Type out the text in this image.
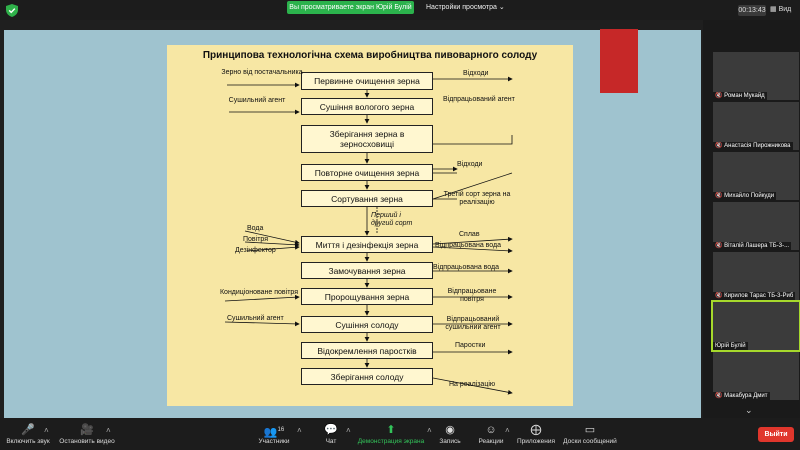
Вы просматриваете экран Юрій Булій	Настройки просмотра ⌄	00:13:43 ▦ Вид
Принципова технологічна схема виробництва пивоварного солоду
Первинне очищення зерна
Сушіння вологого зерна
Зберігання зерна в зерносховищі
Повторне очищення зерна
Сортування зерна
Миття і дезінфекція зерна
Замочування зерна
Пророщування зерна
Сушіння солоду
Відокремлення паростків
Зберігання солоду
Зерно від постачальника
Сушильний агент
Вода
Повітря
Дезінфектор
Кондиціоноване повітря
Сушильний агент
Відходи
Відпрацьований агент
Відходи
Третій сорт зерна на реалізацію
Сплав
Відпрацьована вода
Відпрацьована вода
Відпрацьоване повітря
Відпрацьований сушильний агент
Паростки
На реалізацію
Перший і другий сорт
🔇 Роман Мукайд
🔇 Анастасія Пирожникова
🔇 Михайло Пойкуди
🔇 Віталій Лашера ТБ-3-...
🔇 Кирилов Тарас ТБ-3-Риб
Юрій Булій
🔇 Макабура Дмит
⌄
🎤
Включить звук
˄	🎥
Остановить видео
˄	👥$^{16}$
Участники
˄	💬
Чат
˄	⬆
Демонстрация экрана
˄	◉
Запись
☺
Реакции
˄	⨁
Приложения
▭
Доски сообщений
Выйти
